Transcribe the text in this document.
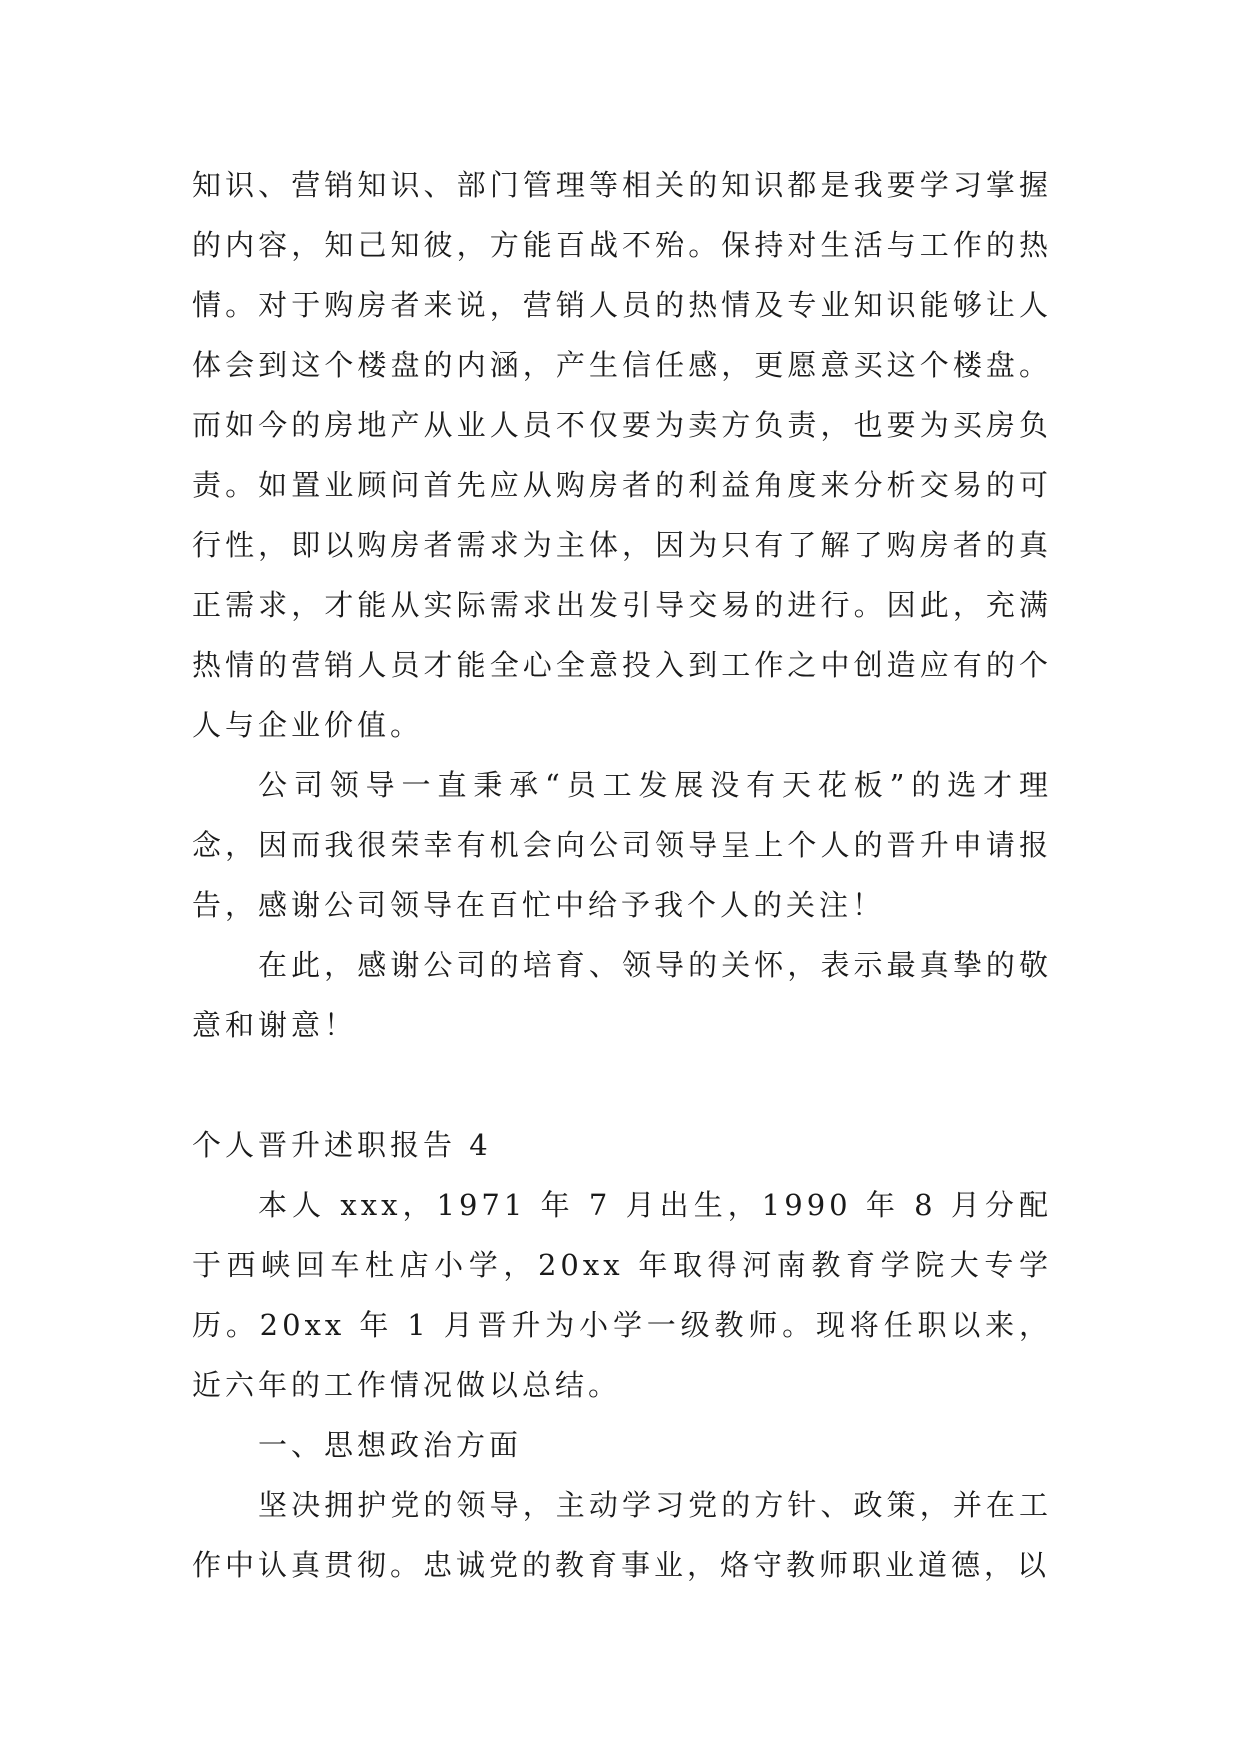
知识、营销知识、部门管理等相关的知识都是我要学习掌握的内容，知己知彼，方能百战不殆。保持对生活与工作的热情。对于购房者来说，营销人员的热情及专业知识能够让人体会到这个楼盘的内涵，产生信任感，更愿意买这个楼盘。而如今的房地产从业人员不仅要为卖方负责，也要为买房负责。如置业顾问首先应从购房者的利益角度来分析交易的可行性，即以购房者需求为主体，因为只有了解了购房者的真正需求，才能从实际需求出发引导交易的进行。因此，充满热情的营销人员才能全心全意投入到工作之中创造应有的个人与企业价值。

公司领导一直秉承“员工发展没有天花板”的选才理念，因而我很荣幸有机会向公司领导呈上个人的晋升申请报告，感谢公司领导在百忙中给予我个人的关注！

在此，感谢公司的培育、领导的关怀，表示最真挚的敬意和谢意！

个人晋升述职报告 4

本人 xxx，1971 年 7 月出生，1990 年 8 月分配于西峡回车杜店小学，20xx 年取得河南教育学院大专学历。20xx 年 1 月晋升为小学一级教师。现将任职以来，近六年的工作情况做以总结。

一、思想政治方面

坚决拥护党的领导，主动学习党的方针、政策，并在工作中认真贯彻。忠诚党的教育事业，烙守教师职业道德，以
